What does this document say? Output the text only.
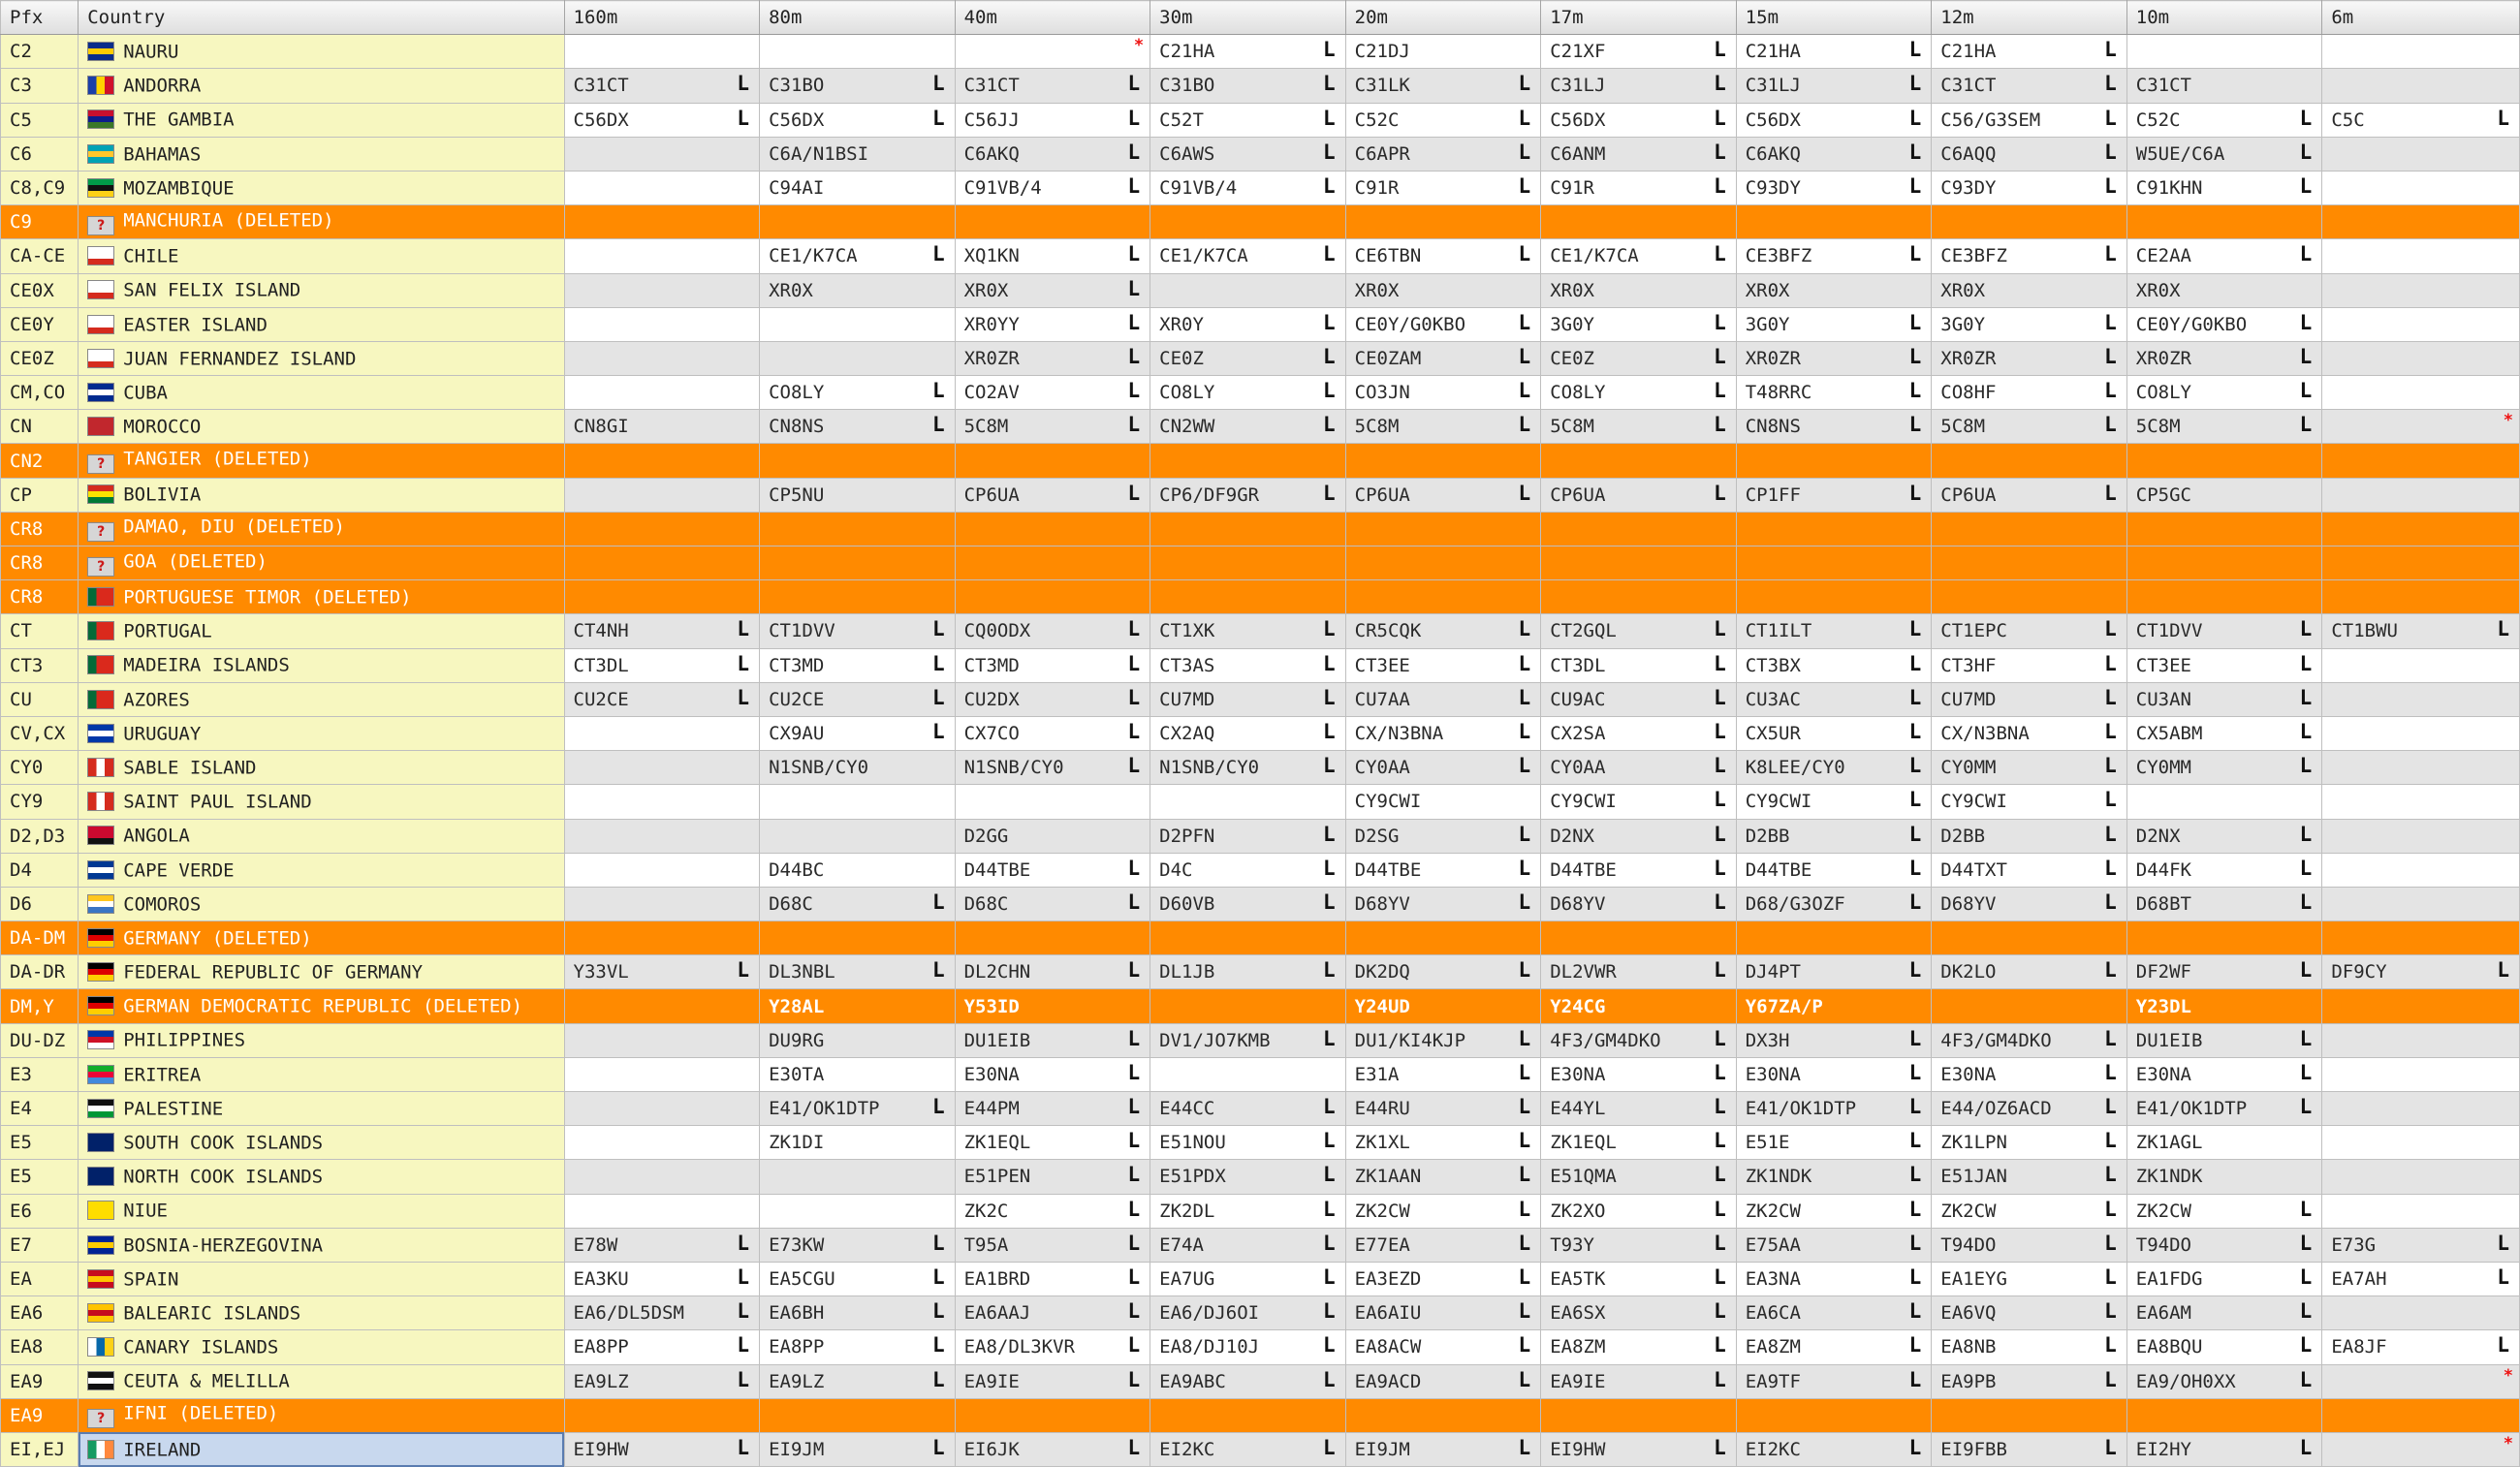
Pfx	Country	160m	80m	40m	30m	20m	17m	15m	12m	10m	6m
C2	NAURU			*	C21HA L	C21DJ	C21XF L	C21HA L	C21HA L		

C3	ANDORRA	C31CT L	C31BO L	C31CT L	C31BO L	C31LK L	C31LJ L	C31LJ L	C31CT L	C31CT	
C5	THE GAMBIA	C56DX L	C56DX L	C56JJ L	C52T L	C52C L	C56DX L	C56DX L	C56/G3SEM L	C52C L	C5C L

C6	BAHAMAS		C6A/N1BSI	C6AKQ L	C6AWS L	C6APR L	C6ANM L	C6AKQ L	C6AQQ L	W5UE/C6A L	

C8,C9	MOZAMBIQUE		C94AI	C91VB/4 L	C91VB/4 L	C91R L	C91R L	C93DY L	C93DY L	C91KHN L	

C9	? MANCHURIA (DELETED)										
CA-CE	CHILE		CE1/K7CA L	XQ1KN L	CE1/K7CA L	CE6TBN L	CE1/K7CA L	CE3BFZ L	CE3BFZ L	CE2AA L	

CE0X	SAN FELIX ISLAND		XR0X	XR0X L		XR0X	XR0X	XR0X	XR0X	XR0X	
CE0Y	EASTER ISLAND			XR0YY L	XR0Y L	CE0Y/G0KBO L	3G0Y L	3G0Y L	3G0Y L	CE0Y/G0KBO L	

CE0Z	JUAN FERNANDEZ ISLAND			XR0ZR L	CE0Z L	CE0ZAM L	CE0Z L	XR0ZR L	XR0ZR L	XR0ZR L	

CM,CO	CUBA		CO8LY L	CO2AV L	CO8LY L	CO3JN L	CO8LY L	T48RRC L	CO8HF L	CO8LY L	

CN	MOROCCO	CN8GI	CN8NS L	5C8M L	CN2WW L	5C8M L	5C8M L	CN8NS L	5C8M L	5C8M L	*

CN2	? TANGIER (DELETED)										
CP	BOLIVIA		CP5NU	CP6UA L	CP6/DF9GR L	CP6UA L	CP6UA L	CP1FF L	CP6UA L	CP5GC	
CR8	? DAMAO, DIU (DELETED)										
CR8	? GOA (DELETED)										
CR8	PORTUGUESE TIMOR (DELETED)										
CT	PORTUGAL	CT4NH L	CT1DVV L	CQ0ODX L	CT1XK L	CR5CQK L	CT2GQL L	CT1ILT L	CT1EPC L	CT1DVV L	CT1BWU L

CT3	MADEIRA ISLANDS	CT3DL L	CT3MD L	CT3MD L	CT3AS L	CT3EE L	CT3DL L	CT3BX L	CT3HF L	CT3EE L	

CU	AZORES	CU2CE L	CU2CE L	CU2DX L	CU7MD L	CU7AA L	CU9AC L	CU3AC L	CU7MD L	CU3AN L	

CV,CX	URUGUAY		CX9AU L	CX7CO L	CX2AQ L	CX/N3BNA L	CX2SA L	CX5UR L	CX/N3BNA L	CX5ABM L	

CY0	SABLE ISLAND		N1SNB/CY0	N1SNB/CY0 L	N1SNB/CY0 L	CY0AA L	CY0AA L	K8LEE/CY0 L	CY0MM L	CY0MM L	

CY9	SAINT PAUL ISLAND					CY9CWI	CY9CWI L	CY9CWI L	CY9CWI L		

D2,D3	ANGOLA			D2GG	D2PFN L	D2SG L	D2NX L	D2BB L	D2BB L	D2NX L	

D4	CAPE VERDE		D44BC	D44TBE L	D4C L	D44TBE L	D44TBE L	D44TBE L	D44TXT L	D44FK L	

D6	COMOROS		D68C L	D68C L	D60VB L	D68YV L	D68YV L	D68/G3OZF L	D68YV L	D68BT L	

DA-DM	GERMANY (DELETED)										
DA-DR	FEDERAL REPUBLIC OF GERMANY	Y33VL L	DL3NBL L	DL2CHN L	DL1JB L	DK2DQ L	DL2VWR L	DJ4PT L	DK2LO L	DF2WF L	DF9CY L

DM,Y	GERMAN DEMOCRATIC REPUBLIC (DELETED)		Y28AL	Y53ID		Y24UD	Y24CG	Y67ZA/P		Y23DL	
DU-DZ	PHILIPPINES		DU9RG	DU1EIB L	DV1/JO7KMB L	DU1/KI4KJP L	4F3/GM4DKO L	DX3H L	4F3/GM4DKO L	DU1EIB L	

E3	ERITREA		E30TA	E30NA L		E31A L	E30NA L	E30NA L	E30NA L	E30NA L	

E4	PALESTINE		E41/OK1DTP L	E44PM L	E44CC L	E44RU L	E44YL L	E41/OK1DTP L	E44/OZ6ACD L	E41/OK1DTP L	

E5	SOUTH COOK ISLANDS		ZK1DI	ZK1EQL L	E51NOU L	ZK1XL L	ZK1EQL L	E51E L	ZK1LPN L	ZK1AGL	
E5	NORTH COOK ISLANDS			E51PEN L	E51PDX L	ZK1AAN L	E51QMA L	ZK1NDK L	E51JAN L	ZK1NDK	
E6	NIUE			ZK2C L	ZK2DL L	ZK2CW L	ZK2XO L	ZK2CW L	ZK2CW L	ZK2CW L	

E7	BOSNIA-HERZEGOVINA	E78W L	E73KW L	T95A L	E74A L	E77EA L	T93Y L	E75AA L	T94DO L	T94DO L	E73G L

EA	SPAIN	EA3KU L	EA5CGU L	EA1BRD L	EA7UG L	EA3EZD L	EA5TK L	EA3NA L	EA1EYG L	EA1FDG L	EA7AH L

EA6	BALEARIC ISLANDS	EA6/DL5DSM L	EA6BH L	EA6AAJ L	EA6/DJ6OI L	EA6AIU L	EA6SX L	EA6CA L	EA6VQ L	EA6AM L	

EA8	CANARY ISLANDS	EA8PP L	EA8PP L	EA8/DL3KVR L	EA8/DJ10J L	EA8ACW L	EA8ZM L	EA8ZM L	EA8NB L	EA8BQU L	EA8JF L

EA9	CEUTA & MELILLA	EA9LZ L	EA9LZ L	EA9IE L	EA9ABC L	EA9ACD L	EA9IE L	EA9TF L	EA9PB L	EA9/OH0XX L	*

EA9	? IFNI (DELETED)										
EI,EJ	IRELAND	EI9HW L	EI9JM L	EI6JK L	EI2KC L	EI9JM L	EI9HW L	EI2KC L	EI9FBB L	EI2HY L	*
